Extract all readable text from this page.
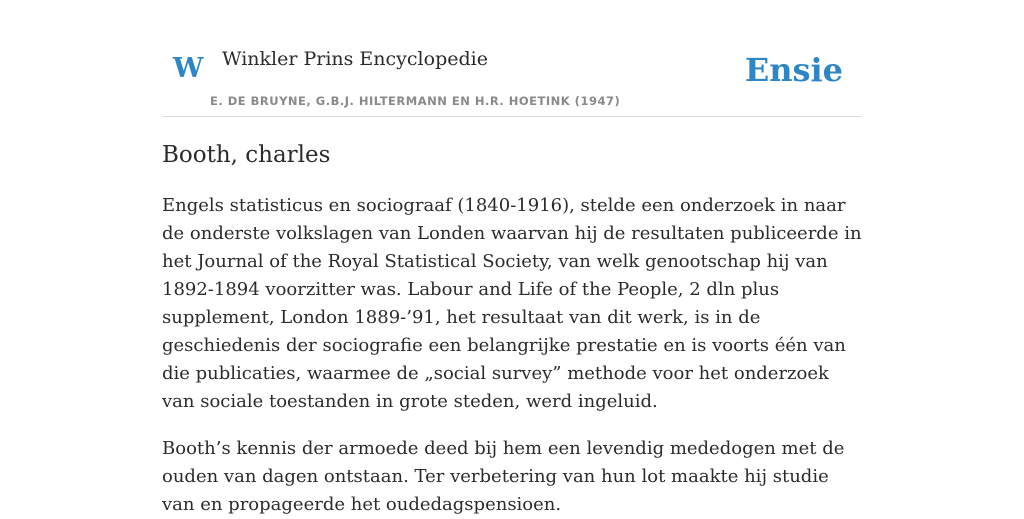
W Winkler Prins Encyclopedie
E. DE BRUYNE, G.B.J. HILTERMANN EN H.R. HOETINK (1947)
Ensie
Booth, charles

Engels statisticus en sociograaf (1840-1916), stelde een onderzoek in naar de onderste volkslagen van Londen waarvan hij de resultaten publiceerde in het Journal of the Royal Statistical Society, van welk genootschap hij van 1892-1894 voorzitter was. Labour and Life of the People, 2 dln plus supplement, London 1889-’91, het resultaat van dit werk, is in de geschiedenis der sociografie een belangrijke prestatie en is voorts één van die publicaties, waarmee de „social survey” methode voor het onderzoek van sociale toestanden in grote steden, werd ingeluid.

Booth’s kennis der armoede deed bij hem een levendig mededogen met de ouden van dagen ontstaan. Ter verbetering van hun lot maakte hij studie van en propageerde het oudedagspensioen.
